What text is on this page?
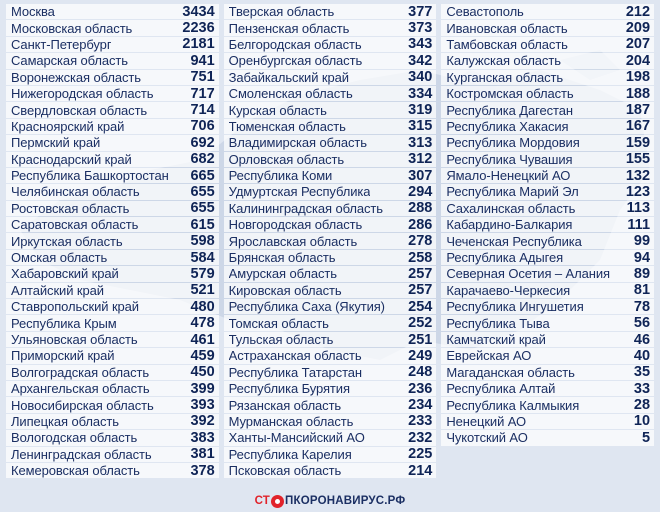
Москва	3434
Московская область	2236
Санкт-Петербург	2181
Самарская область	941
Воронежская область	751
Нижегородская область	717
Свердловская область	714
Красноярский край	706
Пермский край	692
Краснодарский край	682
Республика Башкортостан 665
Челябинская область	655
Ростовская область	655
Саратовская область	615
Иркутская область	598
Омская область	584
Хабаровский край	579
Алтайский край	521
Ставропольский край	480
Республика Крым	478
Ульяновская область	461
Приморский край	459
Волгоградская область	450
Архангельская область	399
Новосибирская область	393
Липецкая область	392
Вологодская область	383
Ленинградская область	381
Кемеровская область	378
Тверская область	377
Пензенская область	373
Белгородская область	343
Оренбургская область	342
Забайкальский край	340
Смоленская область	334
Курская область	319
Тюменская область	315
Владимирская область	313
Орловская область	312
Республика Коми	307
Удмуртская Республика	294
Калининградская область 288
Новгородская область	286
Ярославская область	278
Брянская область	258
Амурская область	257
Кировская область	257
Республика Саха (Якутия) 254
Томская область	252
Тульская область	251
Астраханская область	249
Республика Татарстан	248
Республика Бурятия	236
Рязанская область	234
Мурманская область	233
Ханты-Мансийский АО	232
Республика Карелия	225
Псковская область	214
Севастополь	212
Ивановская область	209
Тамбовская область	207
Калужская область	204
Курганская область	198
Костромская область	188
Республика Дагестан	187
Республика Хакасия	167
Республика Мордовия	159
Республика Чувашия	155
Ямало-Ненецкий АО	132
Республика Марий Эл	123
Сахалинская область	113
Кабардино-Балкария	111
Чеченская Республика	99
Республика Адыгея	94
Северная Осетия – Алания 89
Карачаево-Черкесия	81
Республика Ингушетия	78
Республика Тыва	56
Камчатский край	46
Еврейская АО	40
Магаданская область	35
Республика Алтай	33
Республика Калмыкия	28
Ненецкий АО	10
Чукотский АО	5
СТ ПКОРОНАВИРУС.РФ
